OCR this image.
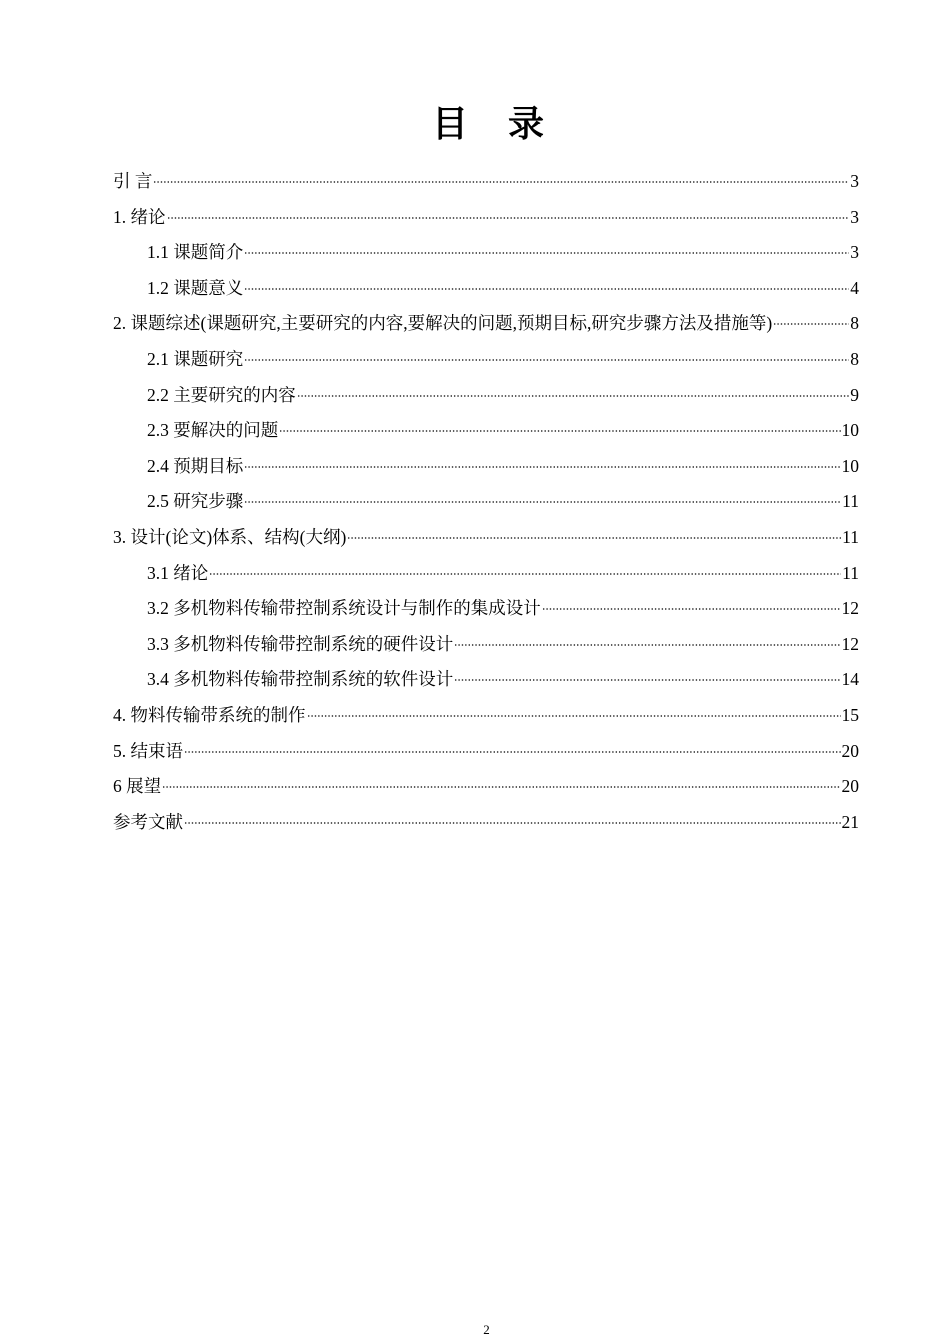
目　录
引 言	3
1. 绪论	3
1.1 课题简介	3
1.2 课题意义	4
2. 课题综述(课题研究,主要研究的内容,要解决的问题,预期目标,研究步骤方法及措施等)	8
2.1 课题研究	8
2.2 主要研究的内容	9
2.3 要解决的问题	10
2.4 预期目标	10
2.5 研究步骤	11
3. 设计(论文)体系、结构(大纲)	11
3.1 绪论	11
3.2 多机物料传输带控制系统设计与制作的集成设计	12
3.3 多机物料传输带控制系统的硬件设计	12
3.4 多机物料传输带控制系统的软件设计	14
4. 物料传输带系统的制作	15
5. 结束语	20
6 展望	20
参考文献	21
2
